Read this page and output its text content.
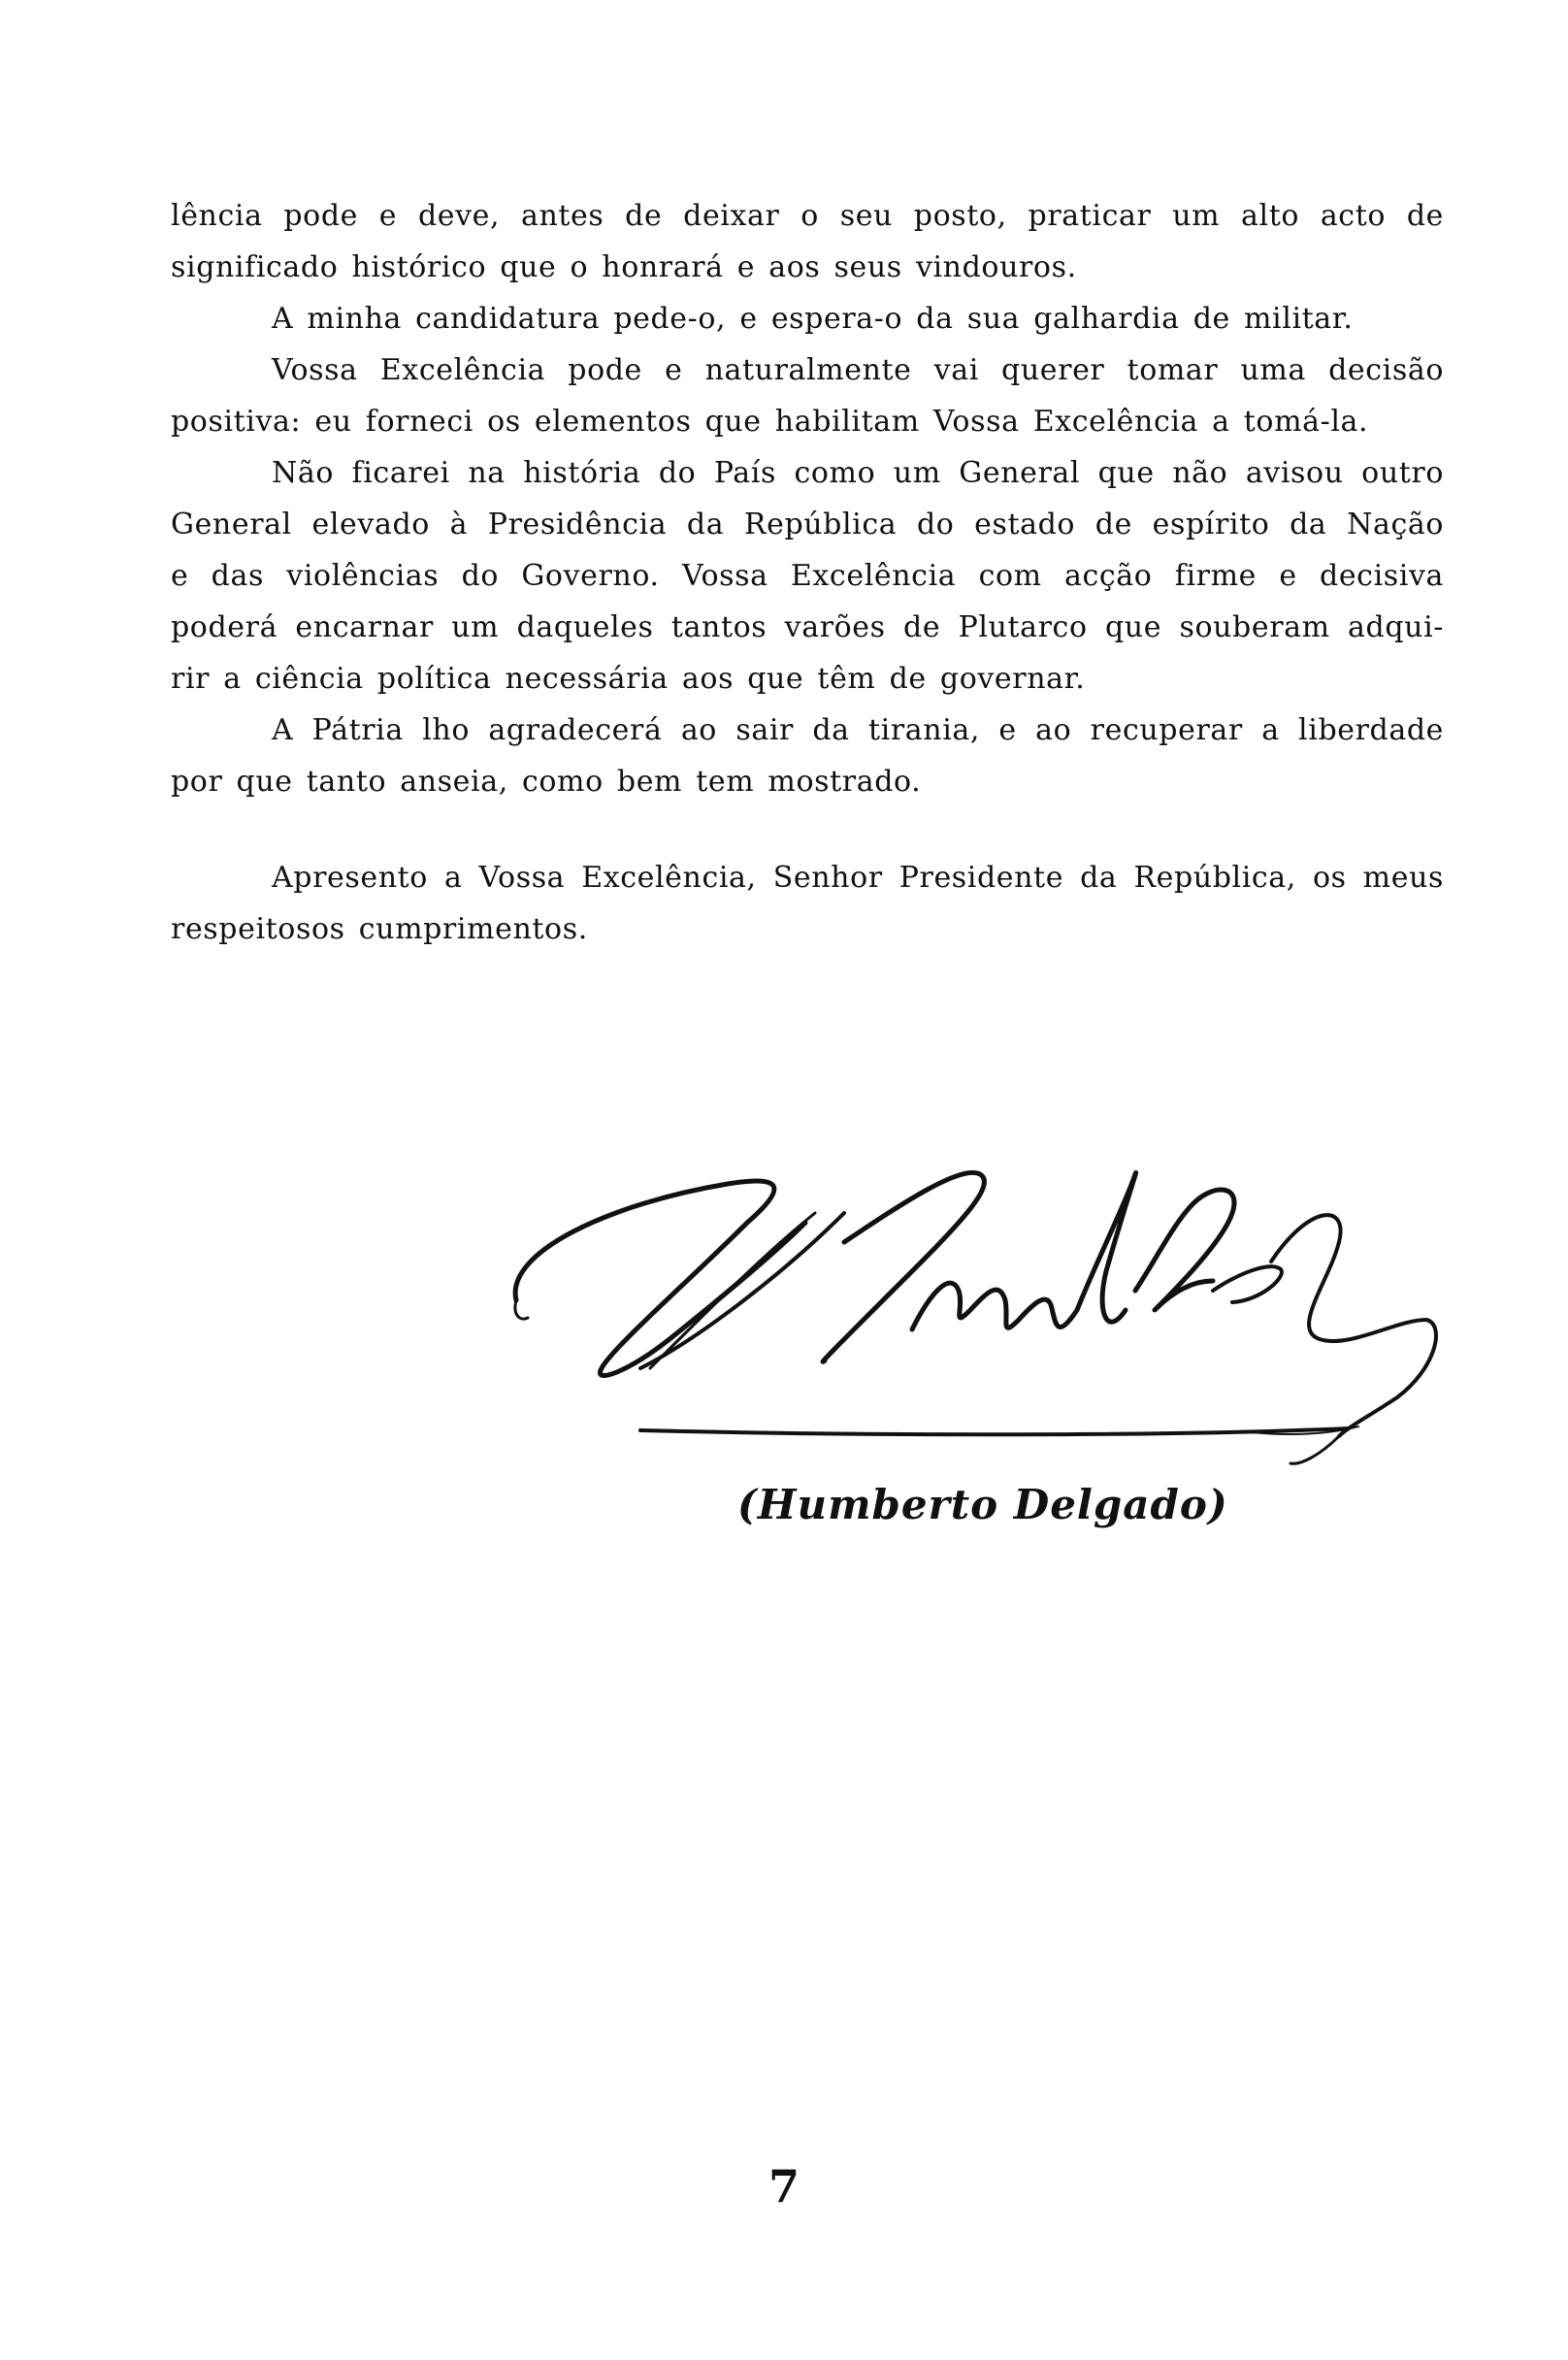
lência pode e deve, antes de deixar o seu posto, praticar um alto acto de
significado histórico que o honrará e aos seus vindouros.
A minha candidatura pede-o, e espera-o da sua galhardia de militar.
Vossa Excelência pode e naturalmente vai querer tomar uma decisão
positiva: eu forneci os elementos que habilitam Vossa Excelência a tomá-la.
Não ficarei na história do País como um General que não avisou outro
General elevado à Presidência da República do estado de espírito da Nação
e das violências do Governo. Vossa Excelência com acção firme e decisiva
poderá encarnar um daqueles tantos varões de Plutarco que souberam adqui-
rir a ciência política necessária aos que têm de governar.
A Pátria lho agradecerá ao sair da tirania, e ao recuperar a liberdade
por que tanto anseia, como bem tem mostrado.
Apresento a Vossa Excelência, Senhor Presidente da República, os meus
respeitosos cumprimentos.
(Humberto Delgado)
7
